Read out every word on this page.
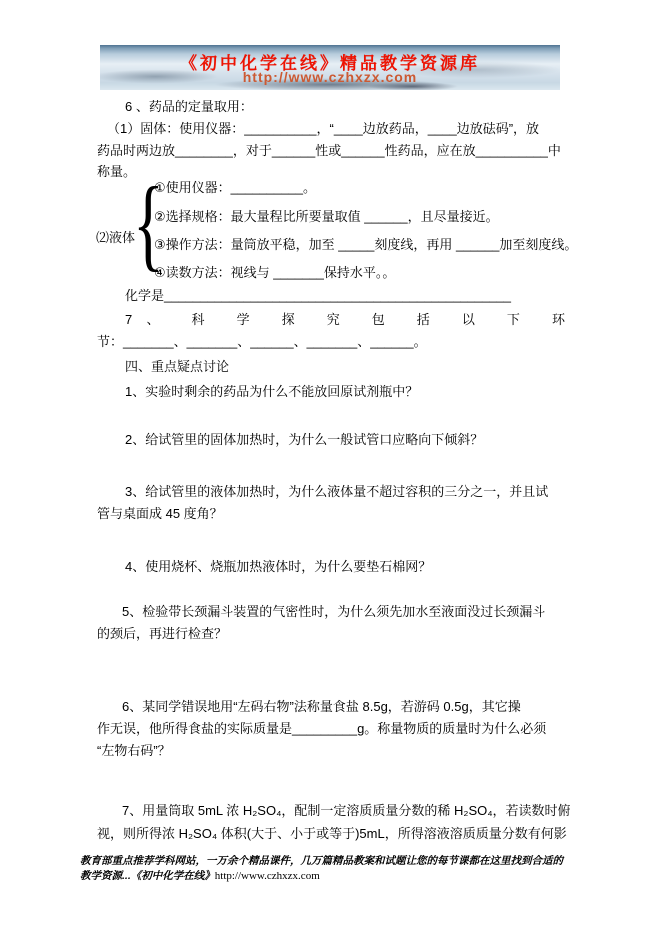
《初中化学在线》精品教学资源库
http://www.czhxzx.com
6 、药品的定量取用：
（1）固体：使用仪器：__________，“____边放药品，____边放砝码”，放
药品时两边放________，对于______性或______性药品，应在放__________中
称量。
⑵液体
{
①使用仪器：__________。
②选择规格：最大量程比所要量取值 ______，且尽量接近。
③操作方法：量筒放平稳，加至 _____刻度线，再用 ______加至刻度线。
④读数方法：视线与 _______保持水平。。
化学是________________________________________________
7、 科 学 探 究 包 括 以 下 环
节：_______、_______、______、_______、______。
四、重点疑点讨论
1、实验时剩余的药品为什么不能放回原试剂瓶中？
2、给试管里的固体加热时，为什么一般试管口应略向下倾斜？
3、给试管里的液体加热时，为什么液体量不超过容积的三分之一，并且试
管与桌面成 45 度角？
4、使用烧杯、烧瓶加热液体时，为什么要垫石棉网？
5、检验带长颈漏斗装置的气密性时，为什么须先加水至液面没过长颈漏斗
的颈后，再进行检查？
6、某同学错误地用“左码右物”法称量食盐 8.5g，若游码 0.5g，其它操
作无误，他所得食盐的实际质量是_________g。称量物质的质量时为什么必须
“左物右码”？
7、用量筒取 5mL 浓 H₂SO₄，配制一定溶质质量分数的稀 H₂SO₄，若读数时俯
视，则所得浓 H₂SO₄ 体积(大于、小于或等于)5mL，所得溶液溶质质量分数有何影
教育部重点推荐学科网站，一万余个精品课件，几万篇精品教案和试题让您的每节课都在这里找到合适的
教学资源...《初中化学在线》http://www.czhxzx.com
